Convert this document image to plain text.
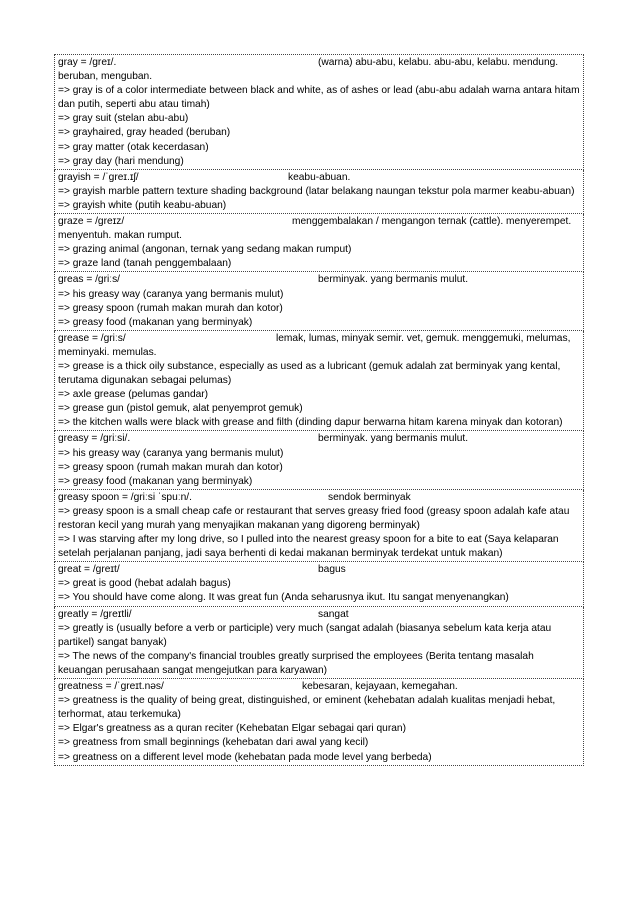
gray = /ɡreɪ/.	(warna) abu-abu, kelabu. abu-abu, kelabu. mendung. beruban, menguban.
=> gray is of a color intermediate between black and white, as of ashes or lead (abu-abu adalah warna antara hitam dan putih, seperti abu atau timah)
=> gray suit (stelan abu-abu)
=> grayhaired, gray headed (beruban)
=> gray matter (otak kecerdasan)
=> gray day (hari mendung)
grayish = /ˈɡreɪ.ɪʃ/	keabu-abuan.
=> grayish marble pattern texture shading background (latar belakang naungan tekstur pola marmer keabu-abuan)
=> grayish white (putih keabu-abuan)
graze = /ɡreɪz/	menggembalakan / mengangon ternak (cattle). menyerempet. menyentuh. makan rumput.
=> grazing animal (angonan, ternak yang sedang makan rumput)
=> graze land (tanah penggembalaan)
greas = /ɡriːs/	berminyak. yang bermanis mulut.
=> his greasy way (caranya yang bermanis mulut)
=> greasy spoon (rumah makan murah dan kotor)
=> greasy food (makanan yang berminyak)
grease = /ɡriːs/	lemak, lumas, minyak semir. vet, gemuk. menggemuki, melumas, meminyaki. memulas.
=> grease is a thick oily substance, especially as used as a lubricant (gemuk adalah zat berminyak yang kental, terutama digunakan sebagai pelumas)
=> axle grease (pelumas gandar)
=> grease gun (pistol gemuk, alat penyemprot gemuk)
=> the kitchen walls were black with grease and filth (dinding dapur berwarna hitam karena minyak dan kotoran)
greasy = /ɡriːsi/.	berminyak. yang bermanis mulut.
=> his greasy way (caranya yang bermanis mulut)
=> greasy spoon (rumah makan murah dan kotor)
=> greasy food (makanan yang berminyak)
greasy spoon = /ɡriːsi ˈspuːn/.	sendok berminyak
=> greasy spoon is a small cheap cafe or restaurant that serves greasy fried food (greasy spoon adalah kafe atau restoran kecil yang murah yang menyajikan makanan yang digoreng berminyak)
=> I was starving after my long drive, so I pulled into the nearest greasy spoon for a bite to eat (Saya kelaparan setelah perjalanan panjang, jadi saya berhenti di kedai makanan berminyak terdekat untuk makan)
great = /ɡreɪt/	bagus
=> great is good (hebat adalah bagus)
=> You should have come along. It was great fun (Anda seharusnya ikut. Itu sangat menyenangkan)
greatly = /ɡreɪtli/	sangat
=> greatly is (usually before a verb or participle) very much (sangat adalah (biasanya sebelum kata kerja atau partikel) sangat banyak)
=> The news of the company's financial troubles greatly surprised the employees (Berita tentang masalah keuangan perusahaan sangat mengejutkan para karyawan)
greatness = /ˈɡreɪt.nəs/	kebesaran, kejayaan, kemegahan.
=> greatness is the quality of being great, distinguished, or eminent (kehebatan adalah kualitas menjadi hebat, terhormat, atau terkemuka)
=> Elgar's greatness as a quran reciter (Kehebatan Elgar sebagai qari quran)
=> greatness from small beginnings (kehebatan dari awal yang kecil)
=> greatness on a different level mode (kehebatan pada mode level yang berbeda)
